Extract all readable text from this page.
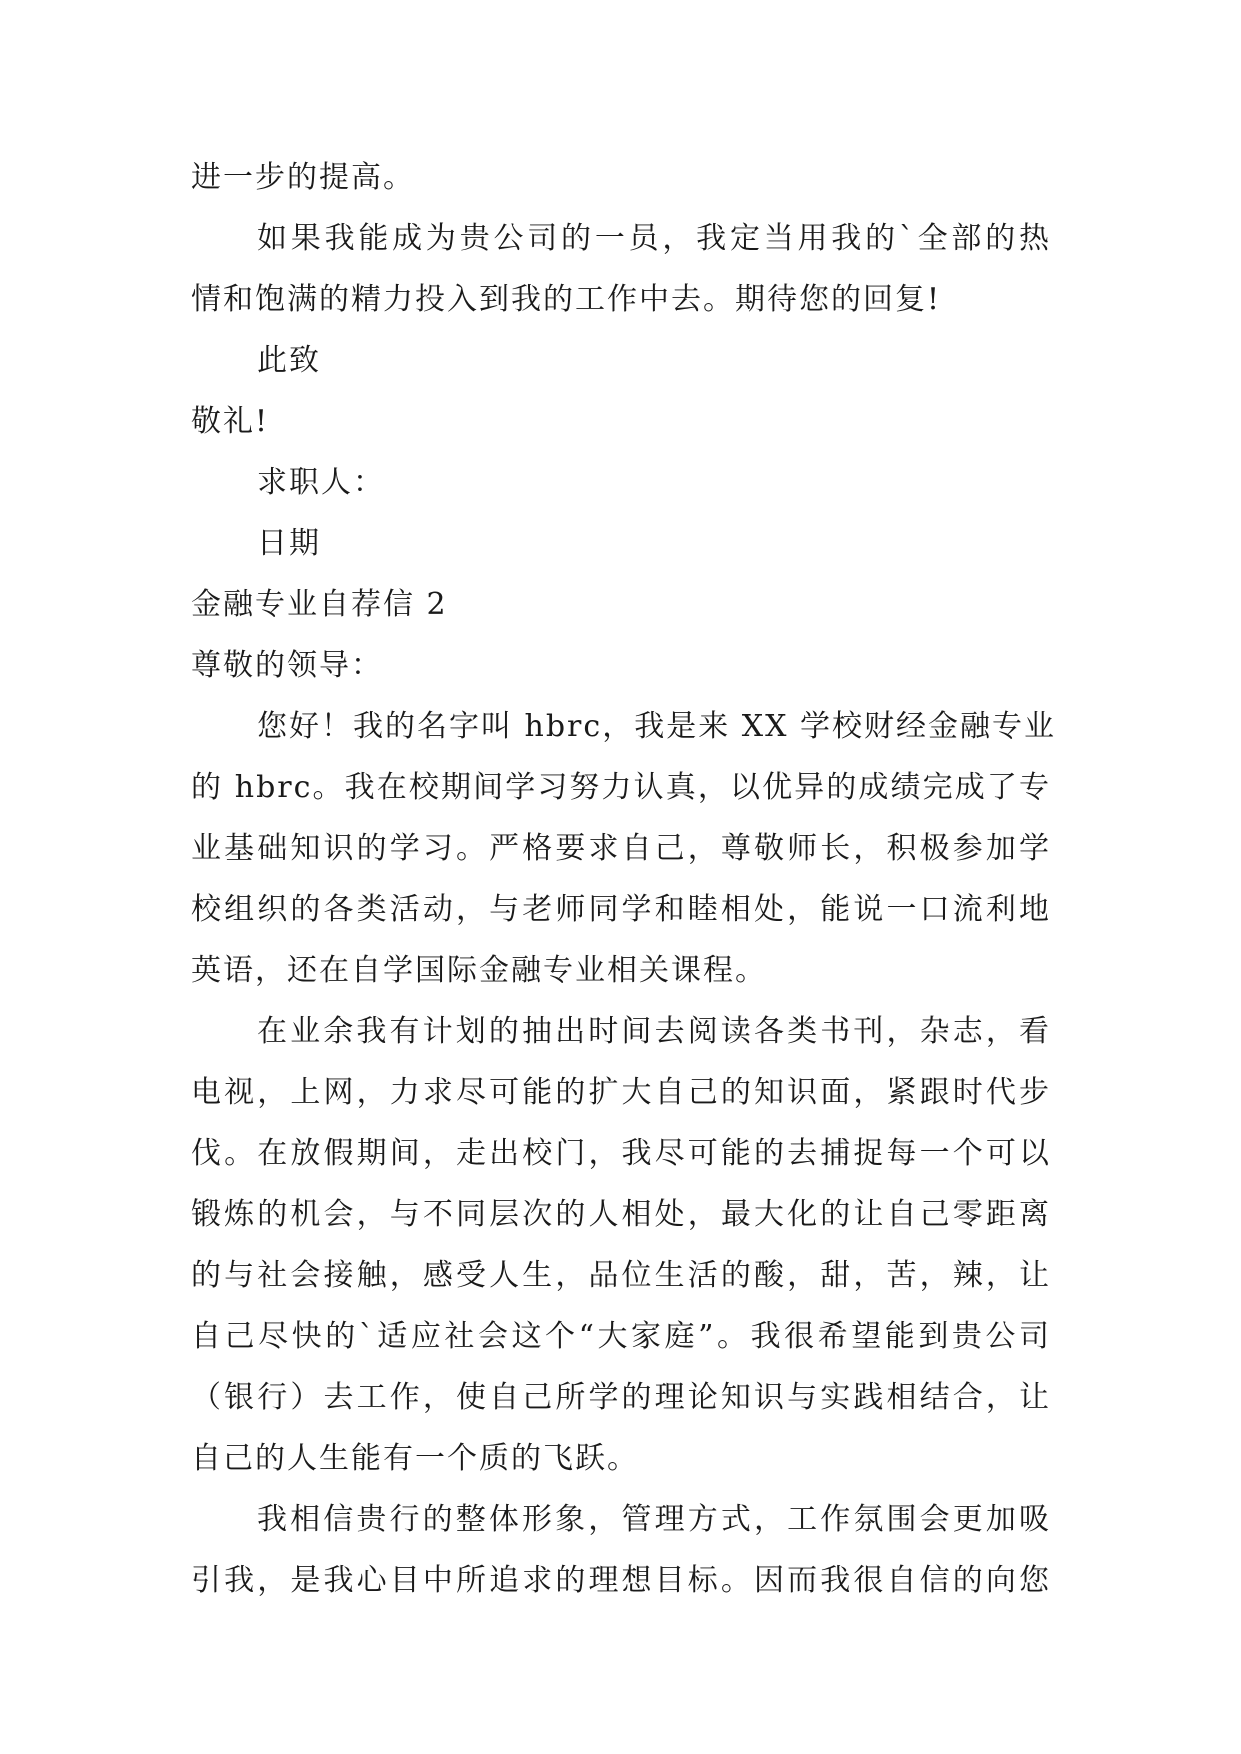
进一步的提高。
如果我能成为贵公司的一员，我定当用我的`全部的热
情和饱满的精力投入到我的工作中去。期待您的回复!
此致
敬礼!
求职人：
日期
金融专业自荐信 2
尊敬的领导：
您好！我的名字叫 hbrc，我是来 XX 学校财经金融专业
的 hbrc。我在校期间学习努力认真，以优异的成绩完成了专
业基础知识的学习。严格要求自己，尊敬师长，积极参加学
校组织的各类活动，与老师同学和睦相处，能说一口流利地
英语，还在自学国际金融专业相关课程。
在业余我有计划的抽出时间去阅读各类书刊，杂志，看
电视，上网，力求尽可能的扩大自己的知识面，紧跟时代步
伐。在放假期间，走出校门，我尽可能的去捕捉每一个可以
锻炼的机会，与不同层次的人相处，最大化的让自己零距离
的与社会接触，感受人生，品位生活的酸，甜，苦，辣，让
自己尽快的`适应社会这个“大家庭”。我很希望能到贵公司
（银行）去工作，使自己所学的理论知识与实践相结合，让
自己的人生能有一个质的飞跃。
我相信贵行的整体形象，管理方式，工作氛围会更加吸
引我，是我心目中所追求的理想目标。因而我很自信的向您
